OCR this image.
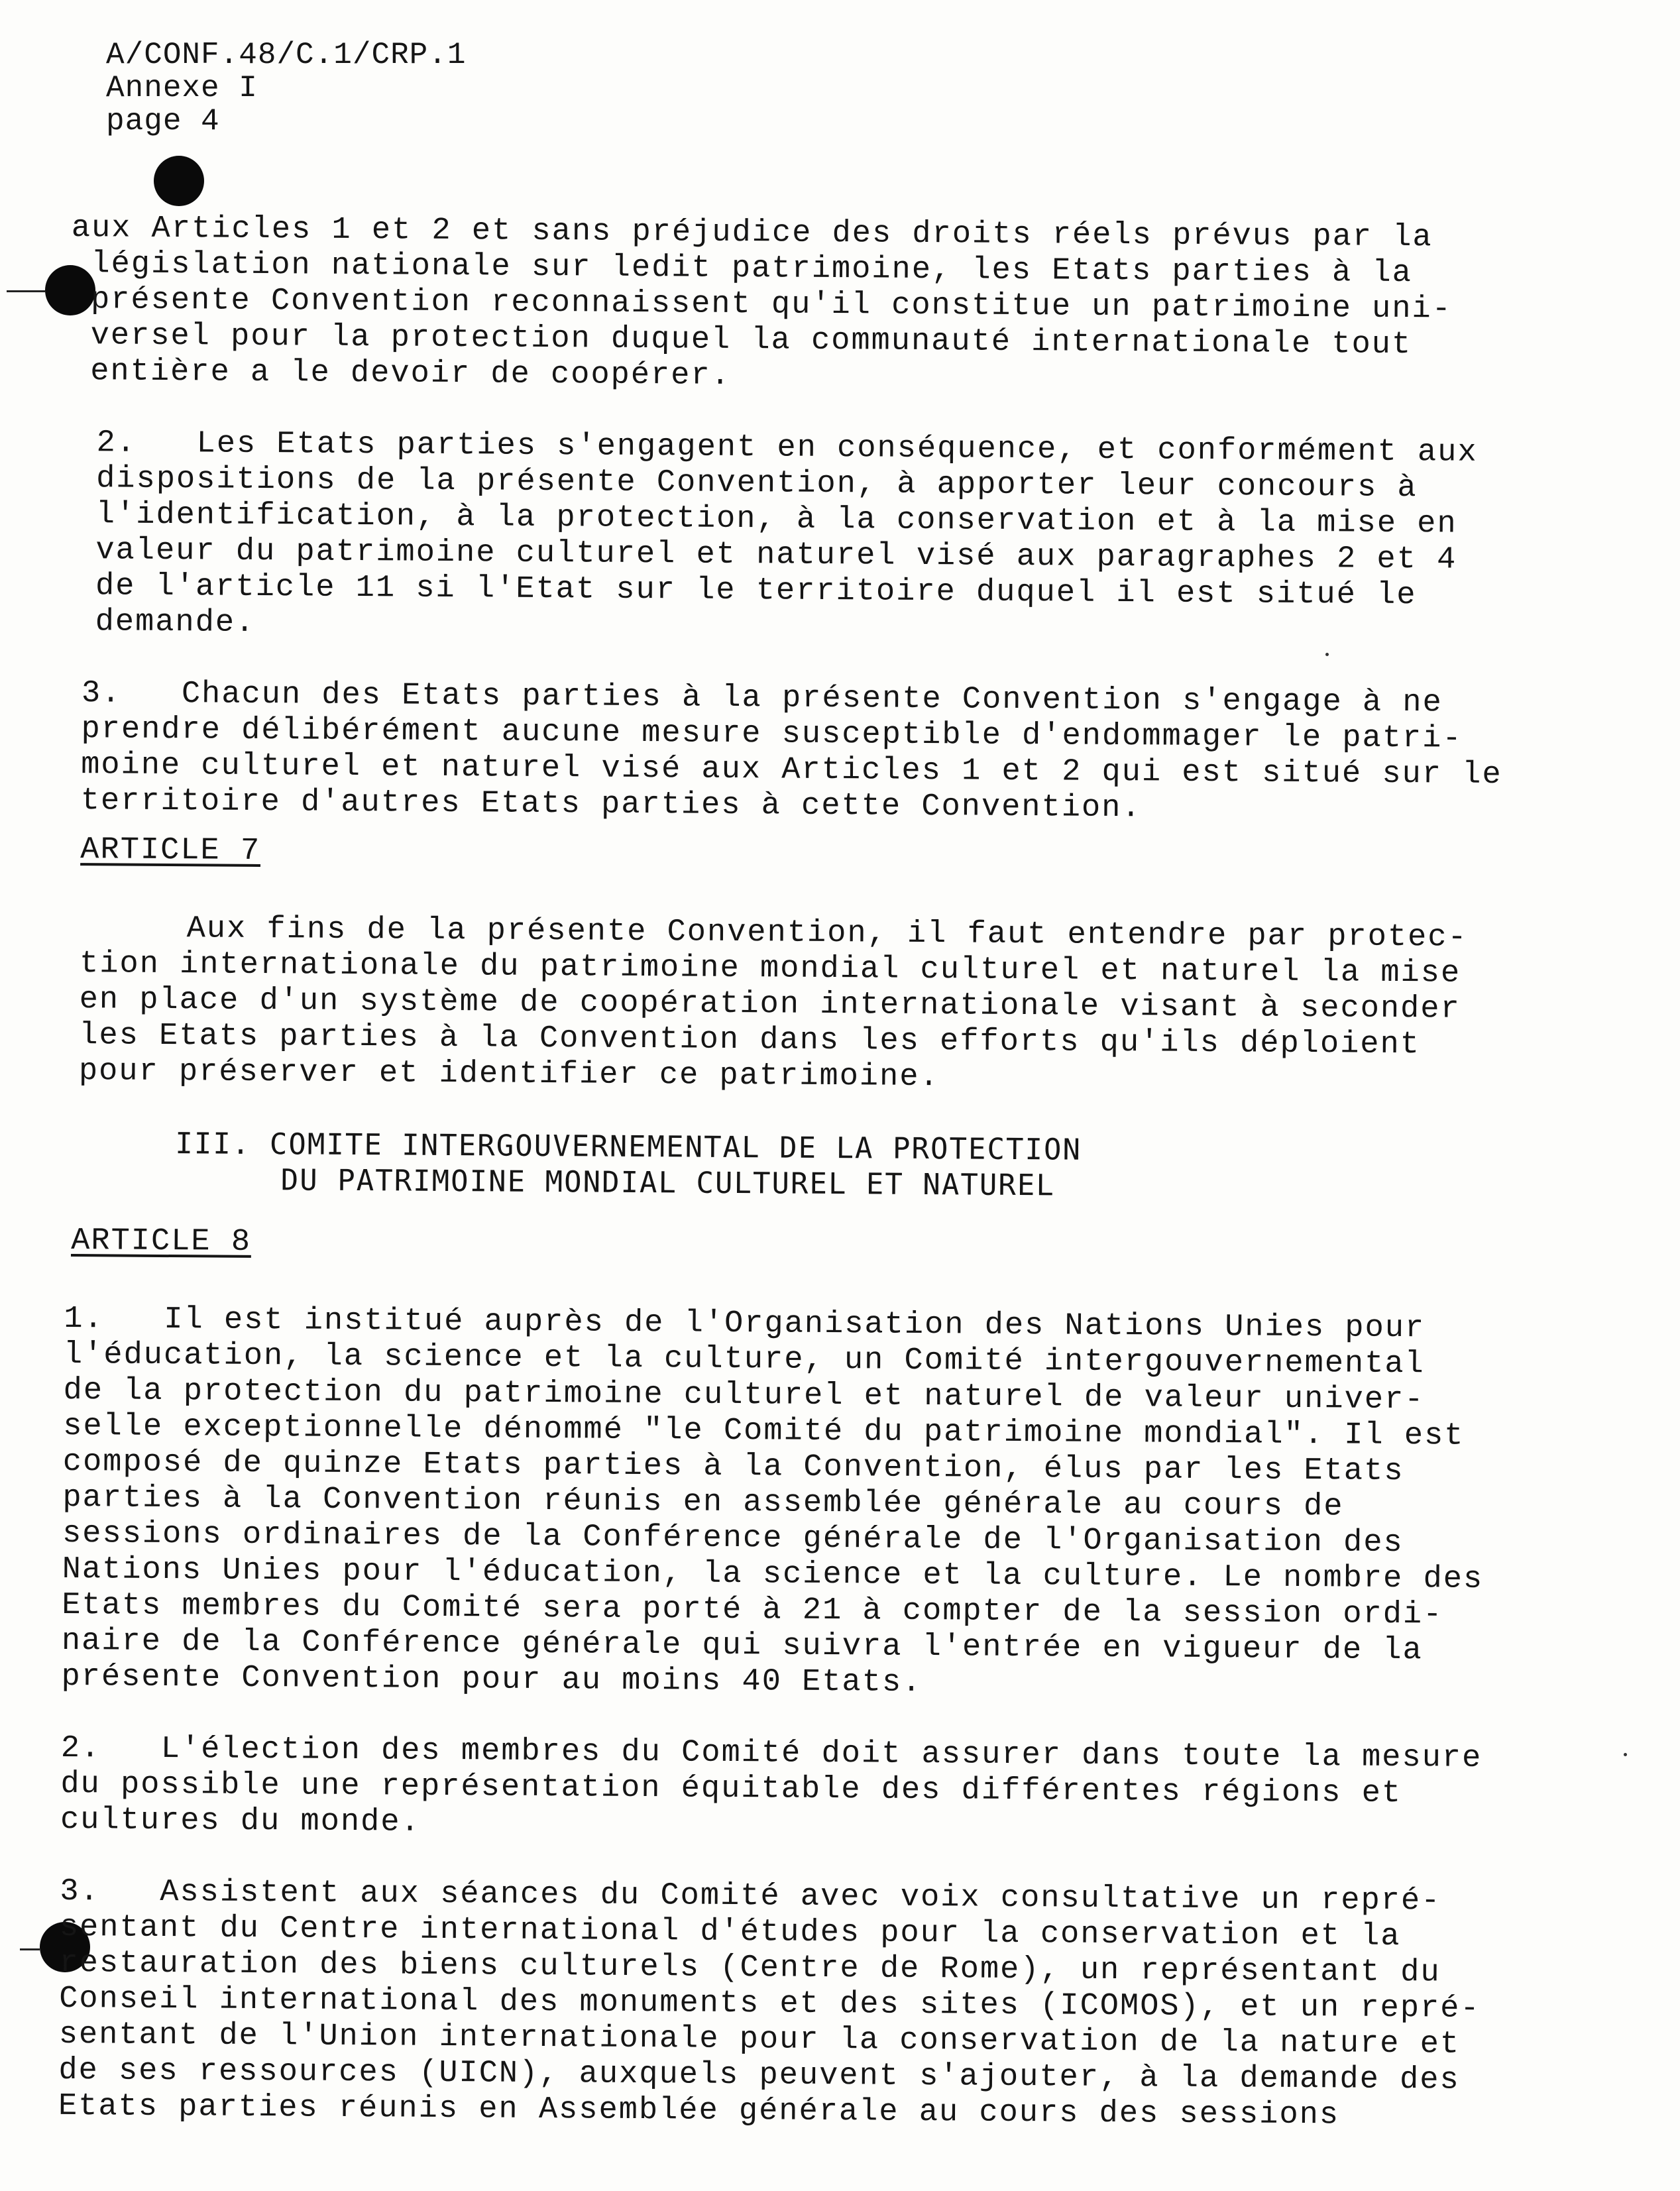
A/CONF.48/C.1/CRP.1
Annexe I
page 4
aux Articles 1 et 2 et sans préjudice des droits réels prévus par la
législation nationale sur ledit patrimoine, les Etats parties à la
présente Convention reconnaissent qu'il constitue un patrimoine uni-
versel pour la protection duquel la communauté internationale tout
entière a le devoir de coopérer.
2.   Les Etats parties s'engagent en conséquence, et conformément aux
dispositions de la présente Convention, à apporter leur concours à
l'identification, à la protection, à la conservation et à la mise en
valeur du patrimoine culturel et naturel visé aux paragraphes 2 et 4
de l'article 11 si l'Etat sur le territoire duquel il est situé le
demande.
3.   Chacun des Etats parties à la présente Convention s'engage à ne
prendre délibérément aucune mesure susceptible d'endommager le patri-
moine culturel et naturel visé aux Articles 1 et 2 qui est situé sur le
territoire d'autres Etats parties à cette Convention.
ARTICLE 7
Aux fins de la présente Convention, il faut entendre par protec-
tion internationale du patrimoine mondial culturel et naturel la mise
en place d'un système de coopération internationale visant à seconder
les Etats parties à la Convention dans les efforts qu'ils déploient
pour préserver et identifier ce patrimoine.
III. COMITE INTERGOUVERNEMENTAL DE LA PROTECTION
DU PATRIMOINE MONDIAL CULTUREL ET NATUREL
ARTICLE 8
1.   Il est institué auprès de l'Organisation des Nations Unies pour
l'éducation, la science et la culture, un Comité intergouvernemental
de la protection du patrimoine culturel et naturel de valeur univer-
selle exceptionnelle dénommé "le Comité du patrimoine mondial". Il est
composé de quinze Etats parties à la Convention, élus par les Etats
parties à la Convention réunis en assemblée générale au cours de
sessions ordinaires de la Conférence générale de l'Organisation des
Nations Unies pour l'éducation, la science et la culture. Le nombre des
Etats membres du Comité sera porté à 21 à compter de la session ordi-
naire de la Conférence générale qui suivra l'entrée en vigueur de la
présente Convention pour au moins 40 Etats.
2.   L'élection des membres du Comité doit assurer dans toute la mesure
du possible une représentation équitable des différentes régions et
cultures du monde.
3.   Assistent aux séances du Comité avec voix consultative un repré-
sentant du Centre international d'études pour la conservation et la
restauration des biens culturels (Centre de Rome), un représentant du
Conseil international des monuments et des sites (ICOMOS), et un repré-
sentant de l'Union internationale pour la conservation de la nature et
de ses ressources (UICN), auxquels peuvent s'ajouter, à la demande des
Etats parties réunis en Assemblée générale au cours des sessions
